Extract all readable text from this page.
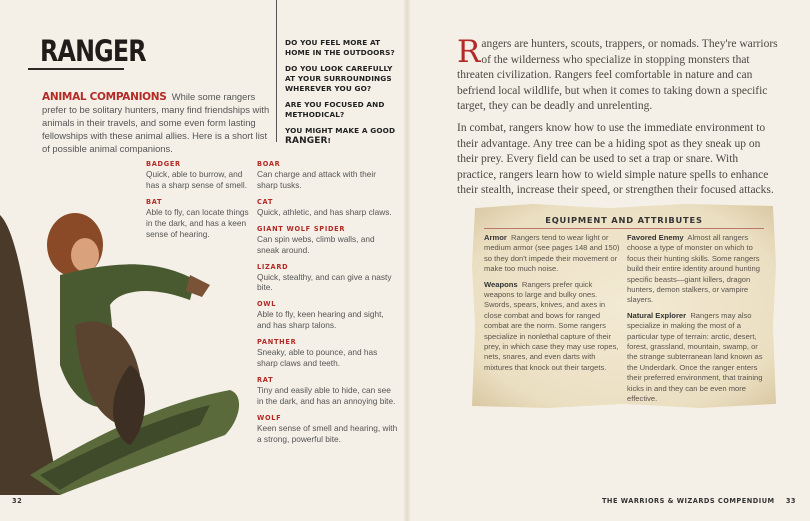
RANGER	DO YOU FEEL MORE AT HOME IN THE OUTDOORS?
DO YOU LOOK CAREFULLY AT YOUR SURROUNDINGS WHEREVER YOU GO?
ARE YOU FOCUSED AND METHODICAL?
YOU MIGHT MAKE A GOOD RANGER!
ANIMAL COMPANIONS While some rangers prefer to be solitary hunters, many find friendships with animals in their travels, and some even form lasting fellowships with these animal allies. Here is a short list of possible animal companions.
BADGER
Quick, able to burrow, and has a sharp sense of smell.
BAT
Able to fly, can locate things in the dark, and has a keen sense of hearing.
BOAR
Can charge and attack with their sharp tusks.
CAT
Quick, athletic, and has sharp claws.
GIANT WOLF SPIDER
Can spin webs, climb walls, and sneak around.
LIZARD
Quick, stealthy, and can give a nasty bite.
OWL
Able to fly, keen hearing and sight, and has sharp talons.
PANTHER
Sneaky, able to pounce, and has sharp claws and teeth.
RAT
Tiny and easily able to hide, can see in the dark, and has an annoying bite.
WOLF
Keen sense of smell and hearing, with a strong, powerful bite.
32

Rangers are hunters, scouts, trappers, or nomads. They're warriors of the wilderness who specialize in stopping monsters that threaten civilization. Rangers feel comfortable in nature and can befriend local wildlife, but when it comes to taking down a specific target, they can be deadly and unrelenting.

In combat, rangers know how to use the immediate environment to their advantage. Any tree can be a hiding spot as they sneak up on their prey. Every field can be used to set a trap or snare. With practice, rangers learn how to wield simple nature spells to enhance their stealth, increase their speed, or strengthen their focused attacks.

EQUIPMENT AND ATTRIBUTES

Armor Rangers tend to wear light or medium armor (see pages 148 and 150) so they don't impede their movement or make too much noise.

Weapons Rangers prefer quick weapons to large and bulky ones. Swords, spears, knives, and axes in close combat and bows for ranged combat are the norm. Some rangers specialize in nonlethal capture of their prey, in which case they may use ropes, nets, snares, and even darts with mixtures that knock out their targets.

Favored Enemy Almost all rangers choose a type of monster on which to focus their hunting skills. Some rangers build their entire identity around hunting specific beasts—giant killers, dragon hunters, demon stalkers, or vampire slayers.

Natural Explorer Rangers may also specialize in making the most of a particular type of terrain: arctic, desert, forest, grassland, mountain, swamp, or the strange subterranean land known as the Underdark. Once the ranger enters their preferred environment, that training kicks in and they can be even more effective.

THE WARRIORS & WIZARDS COMPENDIUM 33
